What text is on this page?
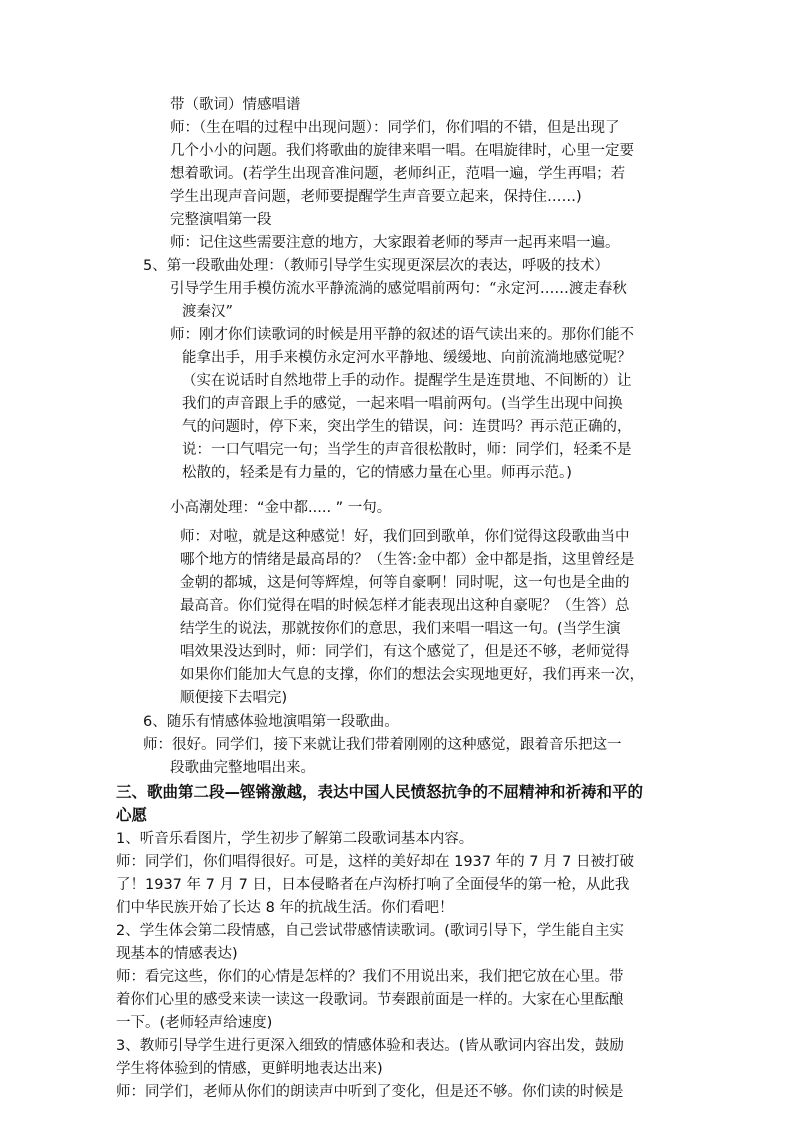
带（歌词）情感唱谱

师：（生在唱的过程中出现问题）：同学们，你们唱的不错，但是出现了

几个小小的问题。我们将歌曲的旋律来唱一唱。在唱旋律时，心里一定要

想着歌词。(若学生出现音准问题，老师纠正，范唱一遍，学生再唱；若

学生出现声音问题，老师要提醒学生声音要立起来，保持住……)

完整演唱第一段

师：记住这些需要注意的地方，大家跟着老师的琴声一起再来唱一遍。

5、第一段歌曲处理：（教师引导学生实现更深层次的表达，呼吸的技术）

引导学生用手模仿流水平静流淌的感觉唱前两句：“永定河……渡走春秋

渡秦汉”

师：刚才你们读歌词的时候是用平静的叙述的语气读出来的。那你们能不

能拿出手，用手来模仿永定河水平静地、缓缓地、向前流淌地感觉呢？

（实在说话时自然地带上手的动作。提醒学生是连贯地、不间断的）让

我们的声音跟上手的感觉，一起来唱一唱前两句。(当学生出现中间换

气的问题时，停下来，突出学生的错误，问：连贯吗？再示范正确的，

说：一口气唱完一句；当学生的声音很松散时，师：同学们，轻柔不是

松散的，轻柔是有力量的，它的情感力量在心里。师再示范。)

小高潮处理：“金中都..... ” 一句。

师：对啦，就是这种感觉！好，我们回到歌单，你们觉得这段歌曲当中

哪个地方的情绪是最高昂的？（生答:金中都）金中都是指，这里曾经是

金朝的都城，这是何等辉煌，何等自豪啊！同时呢，这一句也是全曲的

最高音。你们觉得在唱的时候怎样才能表现出这种自豪呢？（生答）总

结学生的说法，那就按你们的意思，我们来唱一唱这一句。(当学生演

唱效果没达到时，师：同学们，有这个感觉了，但是还不够，老师觉得

如果你们能加大气息的支撑，你们的想法会实现地更好，我们再来一次，

顺便接下去唱完)

6、随乐有情感体验地演唱第一段歌曲。

师：很好。同学们，接下来就让我们带着刚刚的这种感觉，跟着音乐把这一

段歌曲完整地唱出来。

三、歌曲第二段—铿锵激越，表达中国人民愤怒抗争的不屈精神和祈祷和平的

心愿

1、听音乐看图片，学生初步了解第二段歌词基本内容。

师：同学们，你们唱得很好。可是，这样的美好却在 1937 年的 7 月 7 日被打破

了！1937 年 7 月 7 日，日本侵略者在卢沟桥打响了全面侵华的第一枪，从此我

们中华民族开始了长达 8 年的抗战生活。你们看吧！

2、学生体会第二段情感，自己尝试带感情读歌词。(歌词引导下，学生能自主实

现基本的情感表达)

师：看完这些，你们的心情是怎样的？我们不用说出来，我们把它放在心里。带

着你们心里的感受来读一读这一段歌词。节奏跟前面是一样的。大家在心里酝酿

一下。(老师轻声给速度)

3、教师引导学生进行更深入细致的情感体验和表达。(皆从歌词内容出发，鼓励

学生将体验到的情感，更鲜明地表达出来)

师：同学们，老师从你们的朗读声中听到了变化，但是还不够。你们读的时候是
